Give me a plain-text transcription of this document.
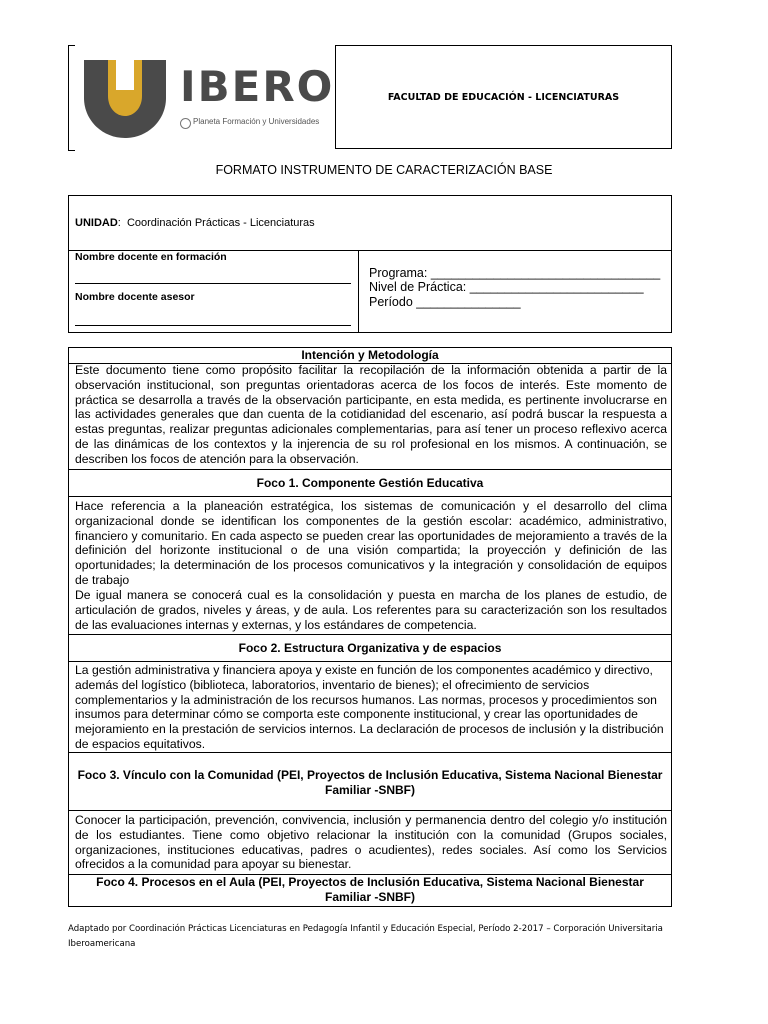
IBERO
Planeta Formación y Universidades
FACULTAD DE EDUCACIÓN - LICENCIATURAS
FORMATO INSTRUMENTO DE CARACTERIZACIÓN BASE
UNIDAD:  Coordinación Prácticas - Licenciaturas
Nombre docente en formación
Nombre docente asesor
Programa: _________________________________
Nivel de Práctica: _________________________
Período _______________
Intención y Metodología
Este documento tiene como propósito facilitar la recopilación de la información obtenida a partir de la observación institucional, son preguntas orientadoras acerca de los focos de interés. Este momento de práctica se desarrolla a través de la observación participante, en esta medida, es pertinente involucrarse en las actividades generales que dan cuenta de la cotidianidad del escenario, así podrá buscar la respuesta a estas preguntas, realizar preguntas adicionales complementarias, para así tener un proceso reflexivo acerca de las dinámicas de los contextos y la injerencia de su rol profesional en los mismos. A continuación, se describen los focos de atención para la observación.
Foco 1. Componente Gestión Educativa
Hace referencia a la planeación estratégica, los sistemas de comunicación y el desarrollo del clima organizacional donde se identifican los componentes de la gestión escolar: académico, administrativo, financiero y comunitario. En cada aspecto se pueden crear las oportunidades de mejoramiento a través de la definición del horizonte institucional o de una visión compartida; la proyección y definición de las oportunidades; la determinación de los procesos comunicativos y la integración y consolidación de equipos de trabajo
De igual manera se conocerá cual es la consolidación y puesta en marcha de los planes de estudio, de articulación de grados, niveles y áreas, y de aula. Los referentes para su caracterización son los resultados de las evaluaciones internas y externas, y los estándares de competencia.
Foco 2. Estructura Organizativa y de espacios
La gestión administrativa y financiera apoya y existe en función de los componentes académico y directivo, además del logístico (biblioteca, laboratorios, inventario de bienes); el ofrecimiento de servicios complementarios y la administración de los recursos humanos. Las normas, procesos y procedimientos son insumos para determinar cómo se comporta este componente institucional, y crear las oportunidades de mejoramiento en la prestación de servicios internos. La declaración de procesos de inclusión y la distribución de espacios equitativos.
Foco 3. Vínculo con la Comunidad (PEI, Proyectos de Inclusión Educativa, Sistema Nacional Bienestar Familiar -SNBF)
Conocer la participación, prevención, convivencia, inclusión y permanencia dentro del colegio y/o institución de los estudiantes. Tiene como objetivo relacionar la institución con la comunidad (Grupos sociales, organizaciones, instituciones educativas, padres o acudientes), redes sociales. Así como los Servicios ofrecidos a la comunidad para apoyar su bienestar.
Foco 4. Procesos en el Aula (PEI, Proyectos de Inclusión Educativa, Sistema Nacional Bienestar Familiar -SNBF)
Adaptado por Coordinación Prácticas Licenciaturas en Pedagogía Infantil y Educación Especial, Período 2-2017 – Corporación Universitaria Iberoamericana
